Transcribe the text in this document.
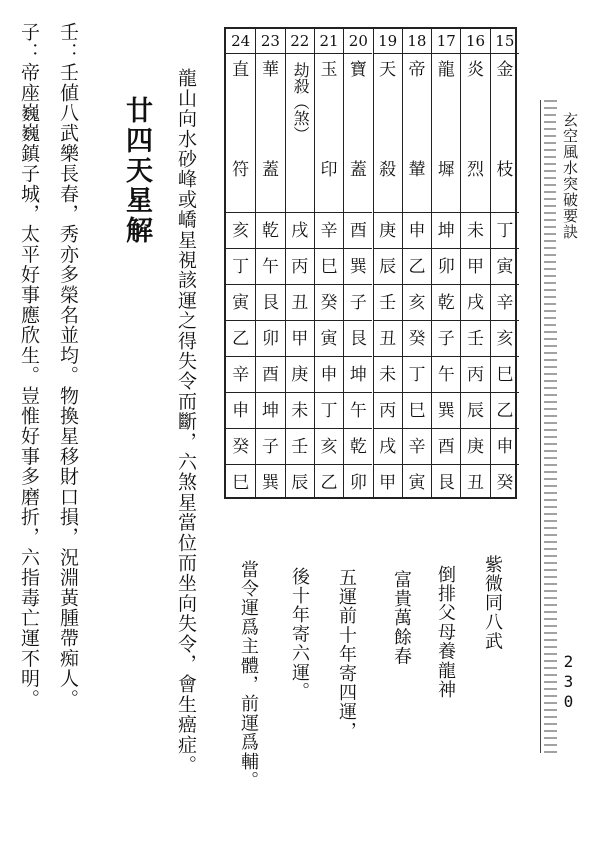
玄空風水突破要訣
230
24
直
符
亥
丁
寅
乙
辛
申
癸
巳
23
華
蓋
乾
午
艮
卯
酉
坤
子
巽
22
劫殺（煞）
戌
丙
丑
甲
庚
未
壬
辰
21
玉
印
辛
巳
癸
寅
申
丁
亥
乙
20
寶
蓋
酉
巽
子
艮
坤
午
乾
卯
19
天
殺
庚
辰
壬
丑
未
丙
戌
甲
18
帝
輦
申
乙
亥
癸
丁
巳
辛
寅
17
龍
墀
坤
卯
乾
子
午
巽
酉
艮
16
炎
烈
未
甲
戌
壬
丙
辰
庚
丑
15
金
枝
丁
寅
辛
亥
巳
乙
申
癸
紫微同八武
倒排父母養龍神
富貴萬餘春
五運前十年寄四運，
後十年寄六運。
當令運爲主體，前運爲輔。
龍山向水砂峰或嶠星視該運之得失令而斷，六煞星當位而坐向失令，會生癌症。
廿四天星解
壬：壬値八武樂長春，秀亦多榮名並均。物換星移財口損，況淵黃腫帶痴人。
子：帝座巍巍鎮子城，太平好事應欣生。豈惟好事多磨折，六指毒亡運不明。
